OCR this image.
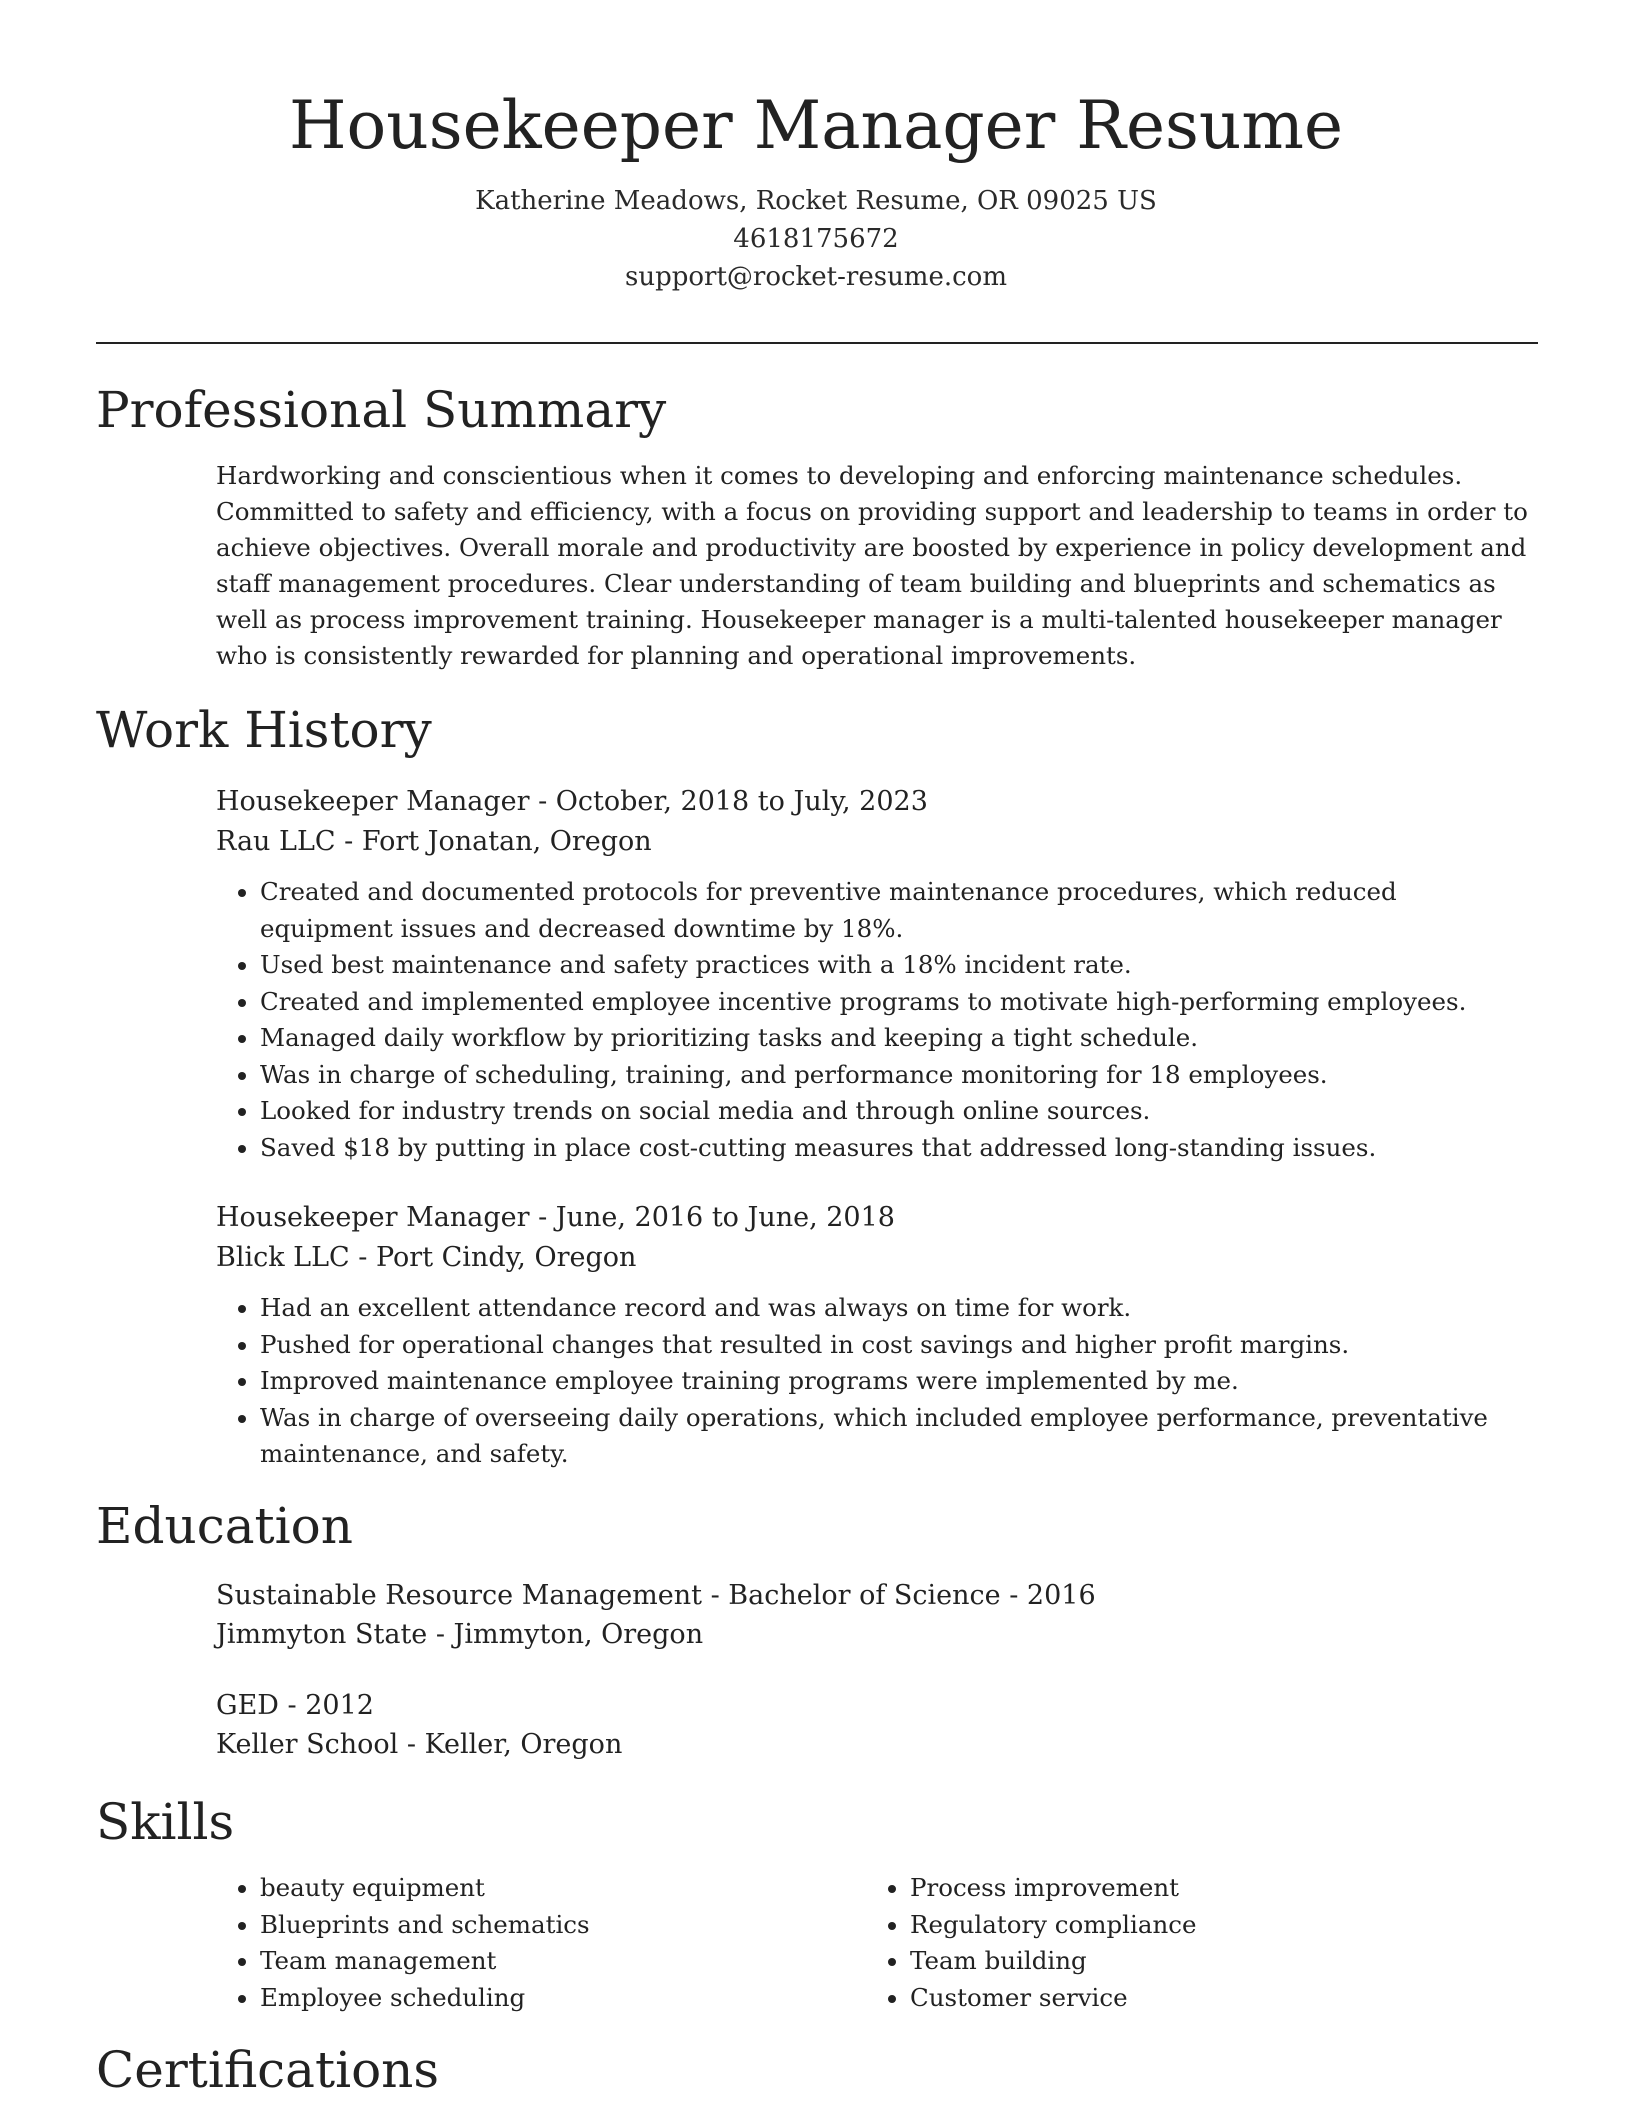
Housekeeper Manager Resume
Katherine Meadows, Rocket Resume, OR 09025 US
4618175672
support@rocket-resume.com
Professional Summary
Hardworking and conscientious when it comes to developing and enforcing maintenance schedules. Committed to safety and efficiency, with a focus on providing support and leadership to teams in order to achieve objectives. Overall morale and productivity are boosted by experience in policy development and staff management procedures. Clear understanding of team building and blueprints and schematics as well as process improvement training. Housekeeper manager is a multi-talented housekeeper manager who is consistently rewarded for planning and operational improvements.
Work History
Housekeeper Manager - October, 2018 to July, 2023
Rau LLC - Fort Jonatan, Oregon
• Created and documented protocols for preventive maintenance procedures, which reduced equipment issues and decreased downtime by 18%.
• Used best maintenance and safety practices with a 18% incident rate.
• Created and implemented employee incentive programs to motivate high-performing employees.
• Managed daily workflow by prioritizing tasks and keeping a tight schedule.
• Was in charge of scheduling, training, and performance monitoring for 18 employees.
• Looked for industry trends on social media and through online sources.
• Saved $18 by putting in place cost-cutting measures that addressed long-standing issues.
Housekeeper Manager - June, 2016 to June, 2018
Blick LLC - Port Cindy, Oregon
• Had an excellent attendance record and was always on time for work.
• Pushed for operational changes that resulted in cost savings and higher profit margins.
• Improved maintenance employee training programs were implemented by me.
• Was in charge of overseeing daily operations, which included employee performance, preventative maintenance, and safety.
Education
Sustainable Resource Management - Bachelor of Science - 2016
Jimmyton State - Jimmyton, Oregon
GED - 2012
Keller School - Keller, Oregon
Skills
• beauty equipment
• Blueprints and schematics
• Team management
• Employee scheduling
• Process improvement
• Regulatory compliance
• Team building
• Customer service
Certifications
